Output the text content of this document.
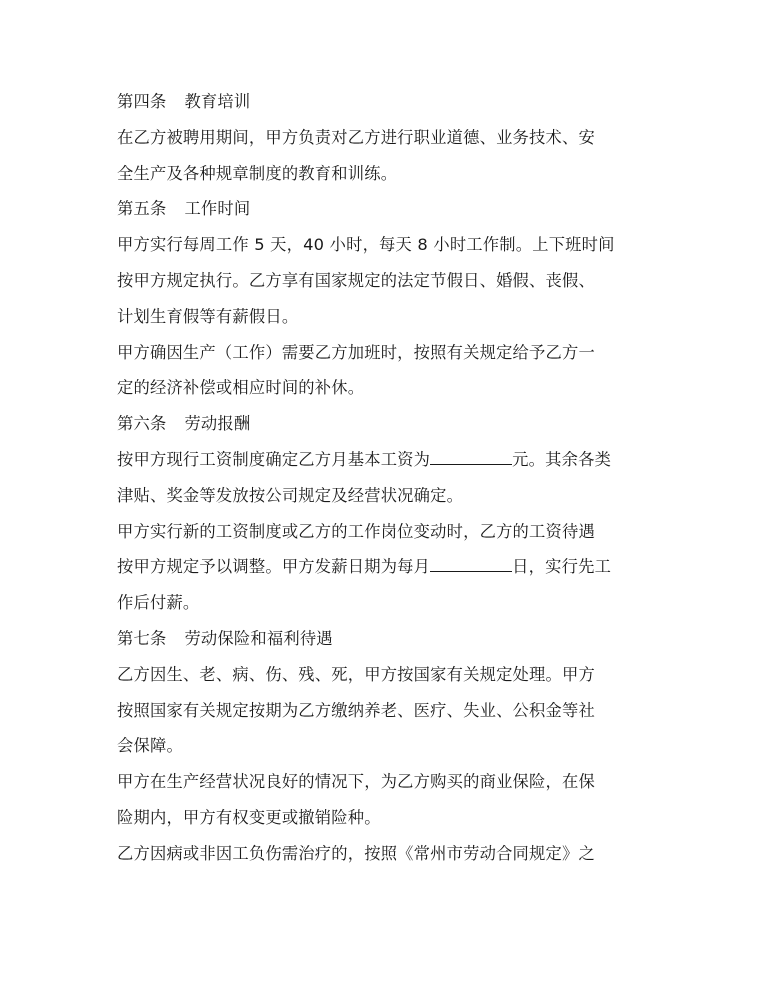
第四条 教育培训
在乙方被聘用期间，甲方负责对乙方进行职业道德、业务技术、安
全生产及各种规章制度的教育和训练。
第五条 工作时间
甲方实行每周工作 5 天，40 小时，每天 8 小时工作制。上下班时间
按甲方规定执行。乙方享有国家规定的法定节假日、婚假、丧假、
计划生育假等有薪假日。
甲方确因生产（工作）需要乙方加班时，按照有关规定给予乙方一
定的经济补偿或相应时间的补休。
第六条 劳动报酬
按甲方现行工资制度确定乙方月基本工资为	元。其余各类
津贴、奖金等发放按公司规定及经营状况确定。
甲方实行新的工资制度或乙方的工作岗位变动时，乙方的工资待遇
按甲方规定予以调整。甲方发薪日期为每月	日，实行先工
作后付薪。
第七条 劳动保险和福利待遇
乙方因生、老、病、伤、残、死，甲方按国家有关规定处理。甲方
按照国家有关规定按期为乙方缴纳养老、医疗、失业、公积金等社
会保障。
甲方在生产经营状况良好的情况下，为乙方购买的商业保险，在保
险期内，甲方有权变更或撤销险种。
乙方因病或非因工负伤需治疗的，按照《常州市劳动合同规定》之
